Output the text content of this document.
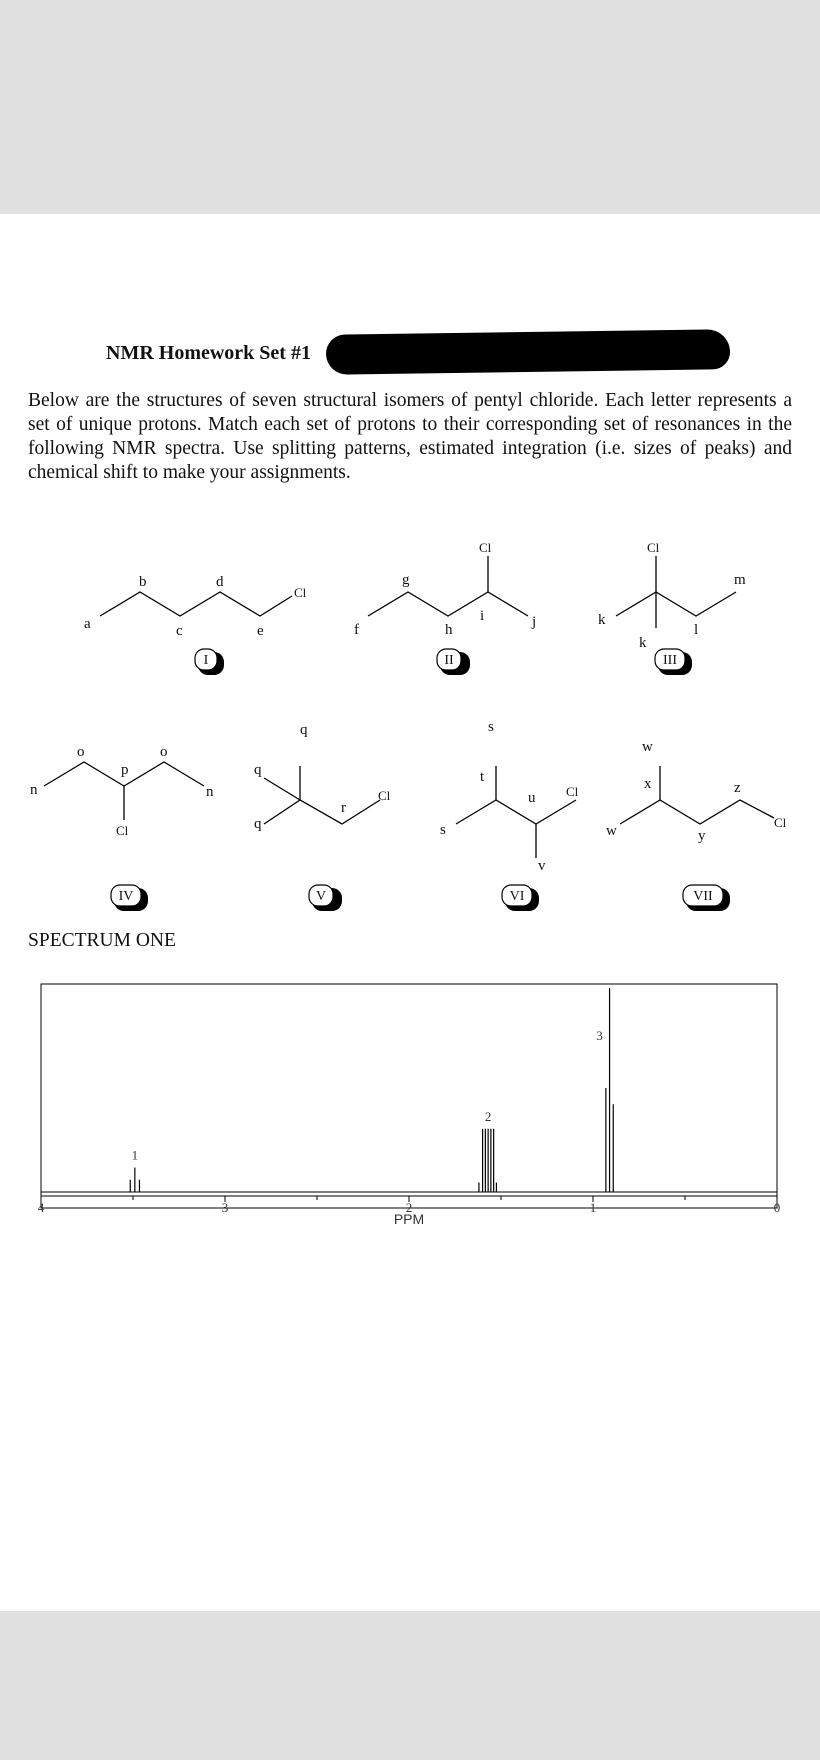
NMR Homework Set #1
Below are the structures of seven structural isomers of pentyl chloride. Each letter represents a set of unique protons. Match each set of protons to their corresponding set of resonances in the following NMR spectra. Use splitting patterns, estimated integration (i.e. sizes of peaks) and chemical shift to make your assignments.
a
b
c
d
e	f
g
h
i	j	k
k
l
m
n
o
p
o
n
q
q
q
r
s
s
t
u
v
w
w
x
y
z
Cl
Cl	Cl
Cl
Cl	Cl
Cl
I	II	III
IV	V	VI	VII
SPECTRUM ONE
1
2
3
4	3	2	1	0
PPM
